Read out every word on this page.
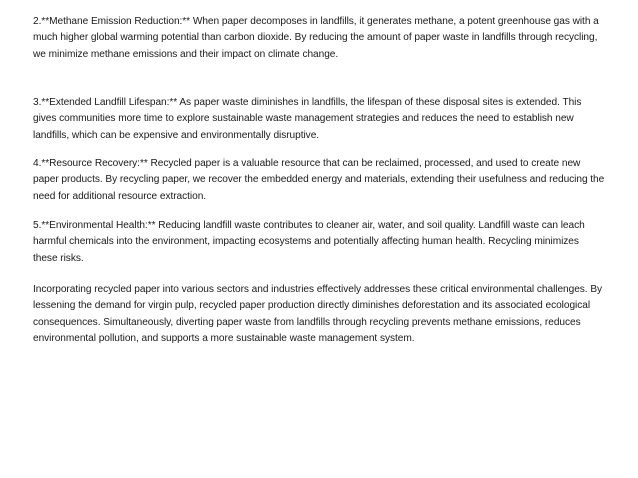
2.**Methane Emission Reduction:** When paper decomposes in landfills, it generates methane, a potent greenhouse gas with a much higher global warming potential than carbon dioxide. By reducing the amount of paper waste in landfills through recycling, we minimize methane emissions and their impact on climate change.

3.**Extended Landfill Lifespan:** As paper waste diminishes in landfills, the lifespan of these disposal sites is extended. This gives communities more time to explore sustainable waste management strategies and reduces the need to establish new landfills, which can be expensive and environmentally disruptive.

4.**Resource Recovery:** Recycled paper is a valuable resource that can be reclaimed, processed, and used to create new paper products. By recycling paper, we recover the embedded energy and materials, extending their usefulness and reducing the need for additional resource extraction.

5.**Environmental Health:** Reducing landfill waste contributes to cleaner air, water, and soil quality. Landfill waste can leach harmful chemicals into the environment, impacting ecosystems and potentially affecting human health. Recycling minimizes these risks.

Incorporating recycled paper into various sectors and industries effectively addresses these critical environmental challenges. By lessening the demand for virgin pulp, recycled paper production directly diminishes deforestation and its associated ecological consequences. Simultaneously, diverting paper waste from landfills through recycling prevents methane emissions, reduces environmental pollution, and supports a more sustainable waste management system.
